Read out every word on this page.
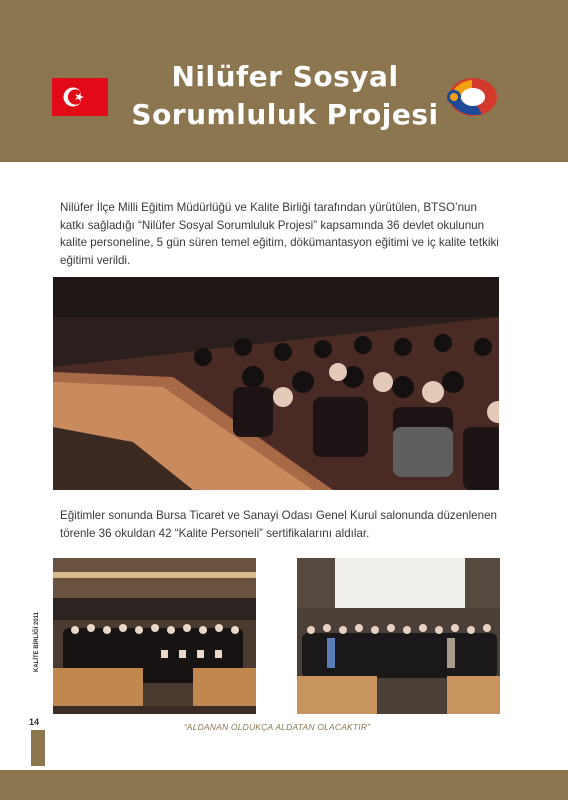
Nilüfer Sosyal
Sorumluluk Projesi

Nilüfer İlçe Milli Eğitim Müdürlüğü ve Kalite Birliği tarafından yürütülen, BTSO’nun katkı sağladığı “Nilüfer Sosyal Sorumluluk Projesi” kapsamında 36 devlet okulunun kalite personeline, 5 gün süren temel eğitim, dökümantasyon eğitimi ve iç kalite tetkiki eğitimi verildi.

Eğitimler sonunda Bursa Ticaret ve Sanayi Odası Genel Kurul salonunda düzenlenen törenle 36 okuldan 42 “Kalite Personeli” sertifikalarını aldılar.

KALİTE BİRLİĞİ 2011
14	“ALDANAN OLDUKÇA ALDATAN OLACAKTIR”
